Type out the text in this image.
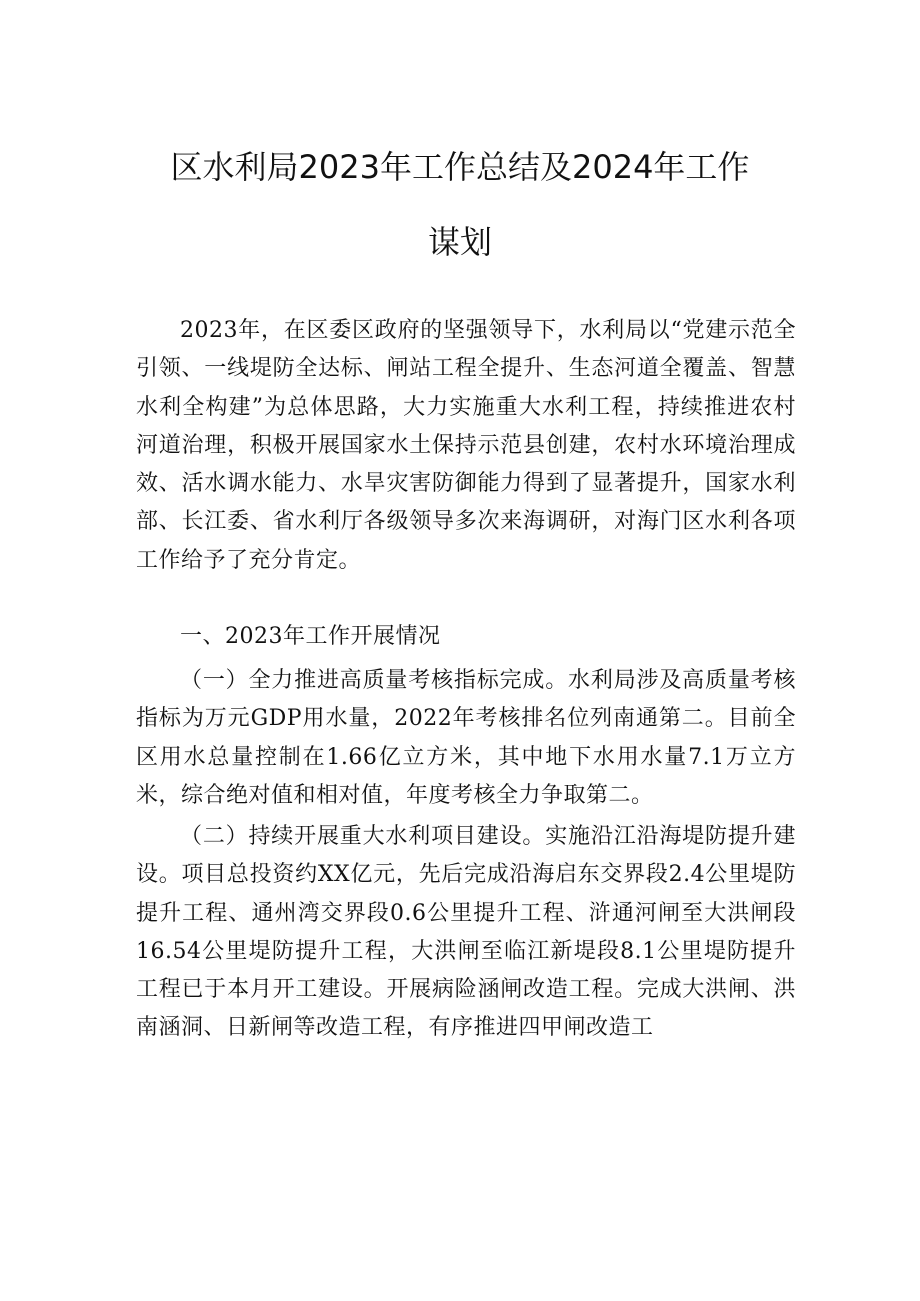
区水利局2023年工作总结及2024年工作
谋划

2023年，在区委区政府的坚强领导下，水利局以“党建示范全引领、一线堤防全达标、闸站工程全提升、生态河道全覆盖、智慧水利全构建”为总体思路，大力实施重大水利工程，持续推进农村河道治理，积极开展国家水土保持示范县创建，农村水环境治理成效、活水调水能力、水旱灾害防御能力得到了显著提升，国家水利部、长江委、省水利厅各级领导多次来海调研，对海门区水利各项工作给予了充分肯定。

一、2023年工作开展情况

（一）全力推进高质量考核指标完成。水利局涉及高质量考核指标为万元GDP用水量，2022年考核排名位列南通第二。目前全区用水总量控制在1.66亿立方米，其中地下水用水量7.1万立方米，综合绝对值和相对值，年度考核全力争取第二。

（二）持续开展重大水利项目建设。实施沿江沿海堤防提升建设。项目总投资约XX亿元，先后完成沿海启东交界段2.4公里堤防提升工程、通州湾交界段0.6公里提升工程、浒通河闸至大洪闸段16.54公里堤防提升工程，大洪闸至临江新堤段8.1公里堤防提升工程已于本月开工建设。开展病险涵闸改造工程。完成大洪闸、洪南涵洞、日新闸等改造工程，有序推进四甲闸改造工
